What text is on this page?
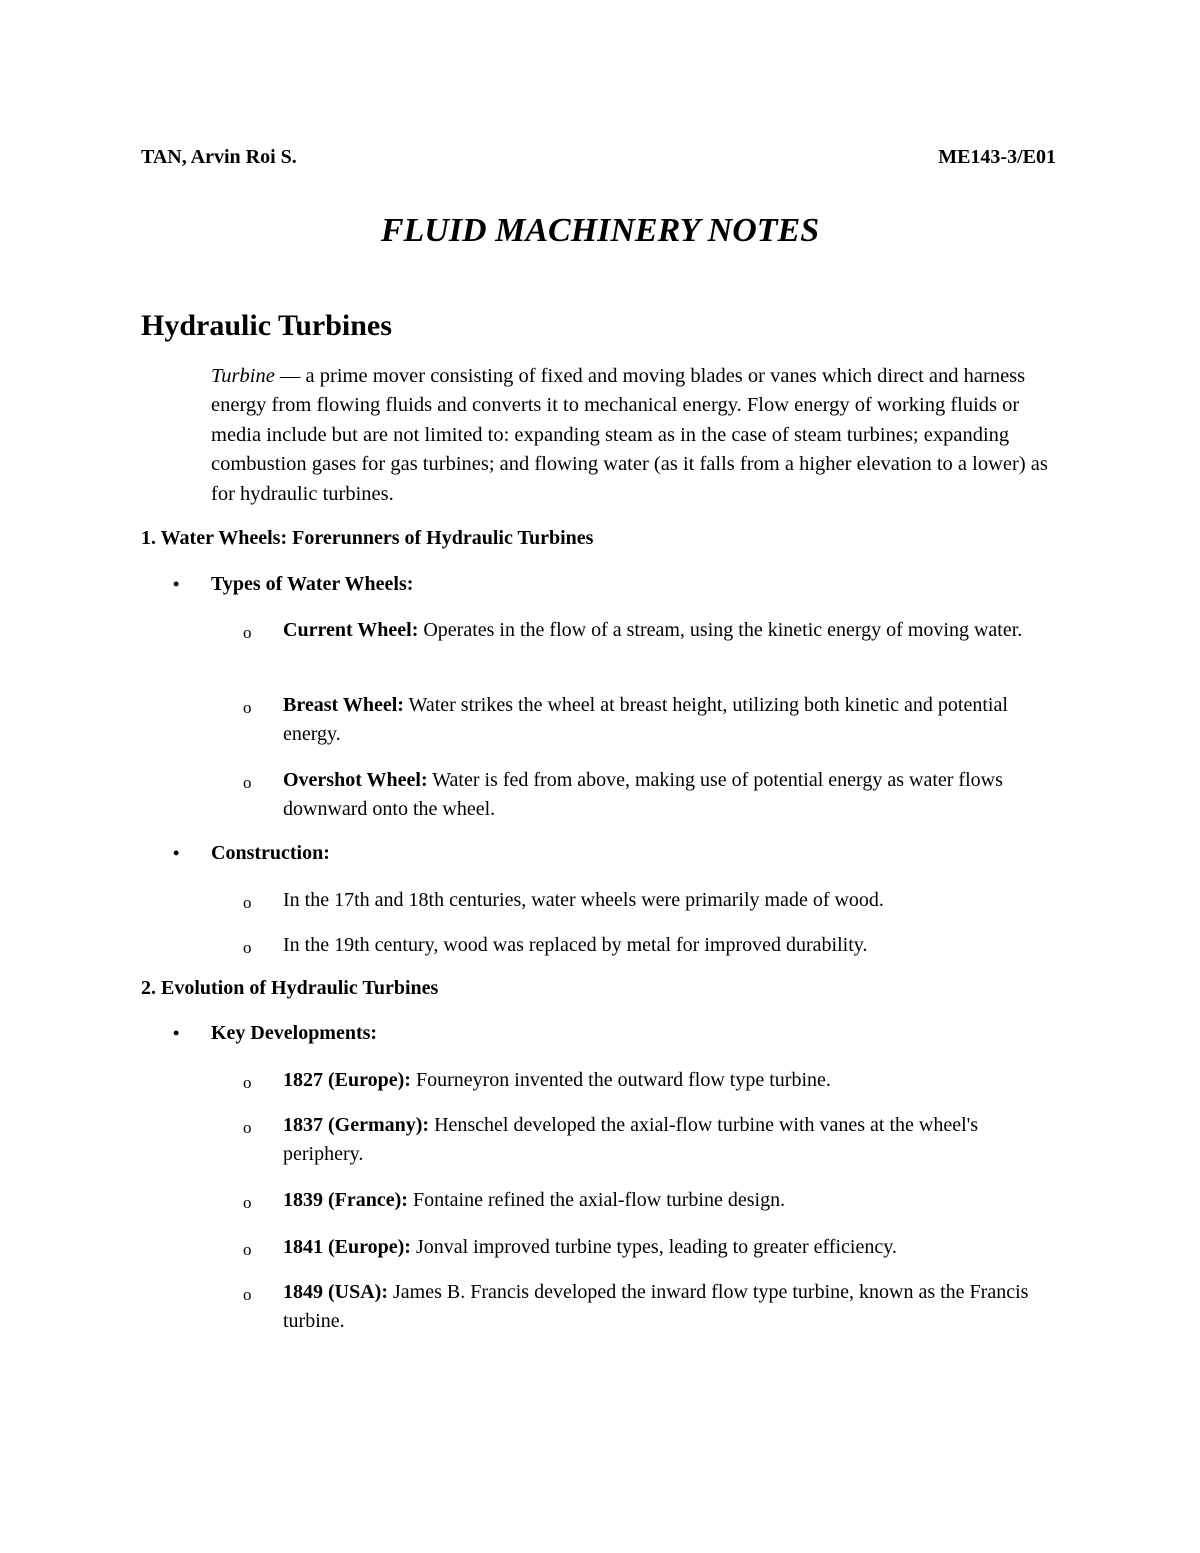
TAN, Arvin Roi S.	ME143-3/E01
FLUID MACHINERY NOTES
Hydraulic Turbines
Turbine — a prime mover consisting of fixed and moving blades or vanes which direct and harness energy from flowing fluids and converts it to mechanical energy. Flow energy of working fluids or media include but are not limited to: expanding steam as in the case of steam turbines; expanding combustion gases for gas turbines; and flowing water (as it falls from a higher elevation to a lower) as for hydraulic turbines.
1. Water Wheels: Forerunners of Hydraulic Turbines
• Types of Water Wheels:
o Current Wheel: Operates in the flow of a stream, using the kinetic energy of moving water.
o Breast Wheel: Water strikes the wheel at breast height, utilizing both kinetic and potential energy.
o Overshot Wheel: Water is fed from above, making use of potential energy as water flows downward onto the wheel.
• Construction:
o In the 17th and 18th centuries, water wheels were primarily made of wood.
o In the 19th century, wood was replaced by metal for improved durability.
2. Evolution of Hydraulic Turbines
• Key Developments:
o 1827 (Europe): Fourneyron invented the outward flow type turbine.
o 1837 (Germany): Henschel developed the axial-flow turbine with vanes at the wheel's periphery.
o 1839 (France): Fontaine refined the axial-flow turbine design.
o 1841 (Europe): Jonval improved turbine types, leading to greater efficiency.
o 1849 (USA): James B. Francis developed the inward flow type turbine, known as the Francis turbine.
